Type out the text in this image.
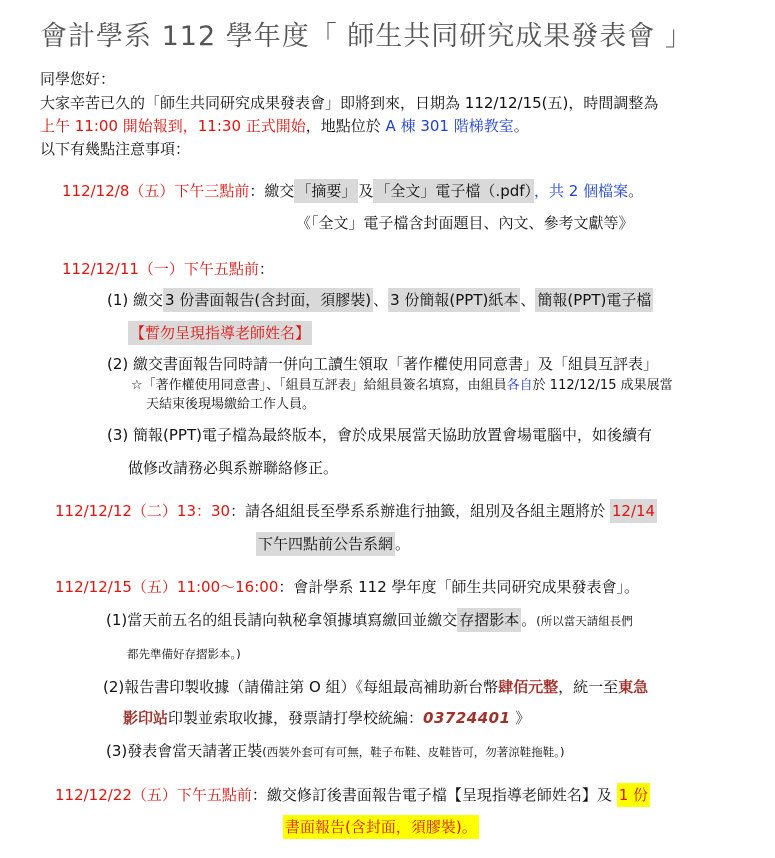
會計學系 112 學年度「 師生共同研究成果發表會 」
同學您好：
大家辛苦已久的「師生共同研究成果發表會」即將到來，日期為 112/12/15(五)，時間調整為
上午 11:00 開始報到，11:30 正式開始，地點位於 A 棟 301 階梯教室。
以下有幾點注意事項：
112/12/8（五）下午三點前：繳交 「摘要」 及 「全文」電子檔（.pdf） ，共 2 個檔案。
《「全文」電子檔含封面題目、內文、參考文獻等》
112/12/11（一）下午五點前：
(1) 繳交 3 份書面報告(含封面，須膠裝) 、 3 份簡報(PPT)紙本 、 簡報(PPT)電子檔
【暫勿呈現指導老師姓名】
(2) 繳交書面報告同時請一併向工讀生領取「著作權使用同意書」及「組員互評表」
☆「著作權使用同意書」、「組員互評表」給組員簽名填寫，由組員各自於 112/12/15 成果展當
天結束後現場繳給工作人員。
(3) 簡報(PPT)電子檔為最終版本，會於成果展當天協助放置會場電腦中，如後續有
做修改請務必與系辦聯絡修正。
112/12/12（二）13：30：請各組組長至學系系辦進行抽籤，組別及各組主題將於 12/14
下午四點前公告系網 。
112/12/15（五）11:00～16:00：會計學系 112 學年度「師生共同研究成果發表會」。
(1)當天前五名的組長請向執秘拿領據填寫繳回並繳交 存摺影本 。(所以當天請組長們
都先準備好存摺影本。)
(2)報告書印製收據（請備註第 O 組）《每組最高補助新台幣肆佰元整，統一至東急
影印站印製並索取收據，發票請打學校統編：03724401 》
(3)發表會當天請著正裝(西裝外套可有可無，鞋子布鞋、皮鞋皆可，勿著涼鞋拖鞋。)
112/12/22（五）下午五點前：繳交修訂後書面報告電子檔【呈現指導老師姓名】及 1 份
書面報告(含封面，須膠裝)。
